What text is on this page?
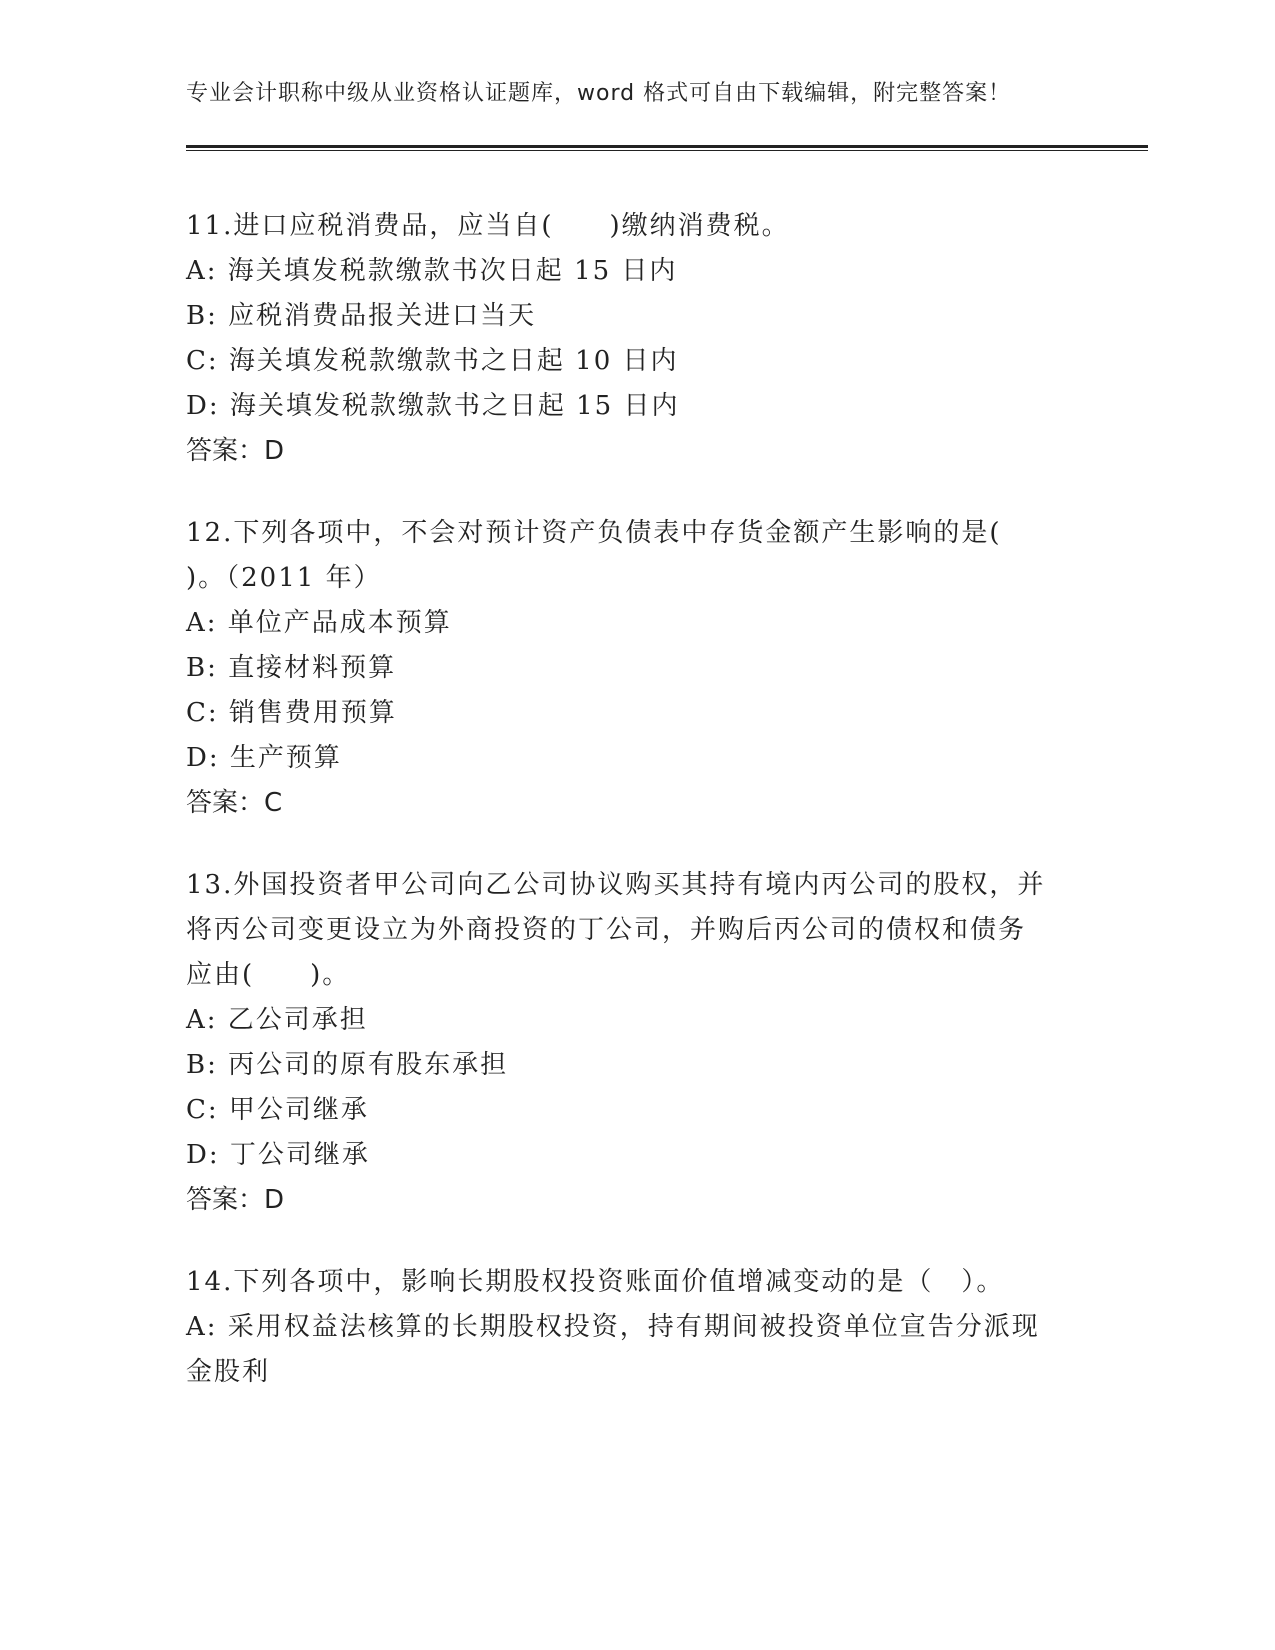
专业会计职称中级从业资格认证题库，word 格式可自由下载编辑，附完整答案！
11.进口应税消费品，应当自(　　)缴纳消费税。
A: 海关填发税款缴款书次日起 15 日内
B: 应税消费品报关进口当天
C: 海关填发税款缴款书之日起 10 日内
D: 海关填发税款缴款书之日起 15 日内
答案：D
12.下列各项中，不会对预计资产负债表中存货金额产生影响的是(
)。（2011 年）
A: 单位产品成本预算
B: 直接材料预算
C: 销售费用预算
D: 生产预算
答案：C
13.外国投资者甲公司向乙公司协议购买其持有境内丙公司的股权，并
将丙公司变更设立为外商投资的丁公司，并购后丙公司的债权和债务
应由(　　)。
A: 乙公司承担
B: 丙公司的原有股东承担
C: 甲公司继承
D: 丁公司继承
答案：D
14.下列各项中，影响长期股权投资账面价值增减变动的是（　）。
A: 采用权益法核算的长期股权投资，持有期间被投资单位宣告分派现
金股利
